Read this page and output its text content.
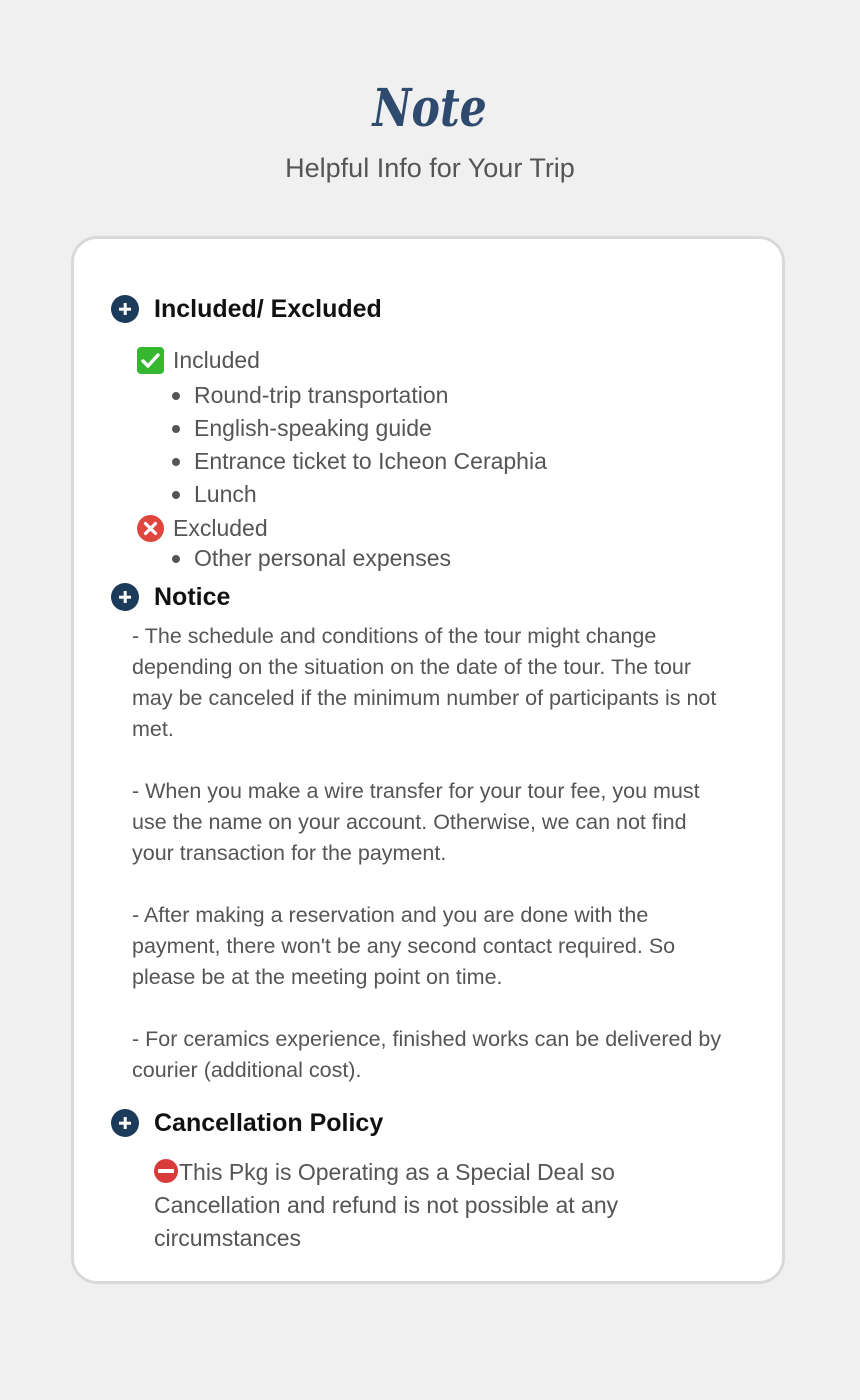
Note
Helpful Info for Your Trip
Included/ Excluded
Included
Round-trip transportation
English-speaking guide
Entrance ticket to Icheon Ceraphia
Lunch
Excluded
Other personal expenses
Notice

- The schedule and conditions of the tour might change depending on the situation on the date of the tour. The tour may be canceled if the minimum number of participants is not met.

- When you make a wire transfer for your tour fee, you must use the name on your account. Otherwise, we can not find your transaction for the payment.

- After making a reservation and you are done with the payment, there won't be any second contact required. So please be at the meeting point on time.

- For ceramics experience, finished works can be delivered by courier (additional cost).

Cancellation Policy
This Pkg is Operating as a Special Deal so Cancellation and refund is not possible at any circumstances
